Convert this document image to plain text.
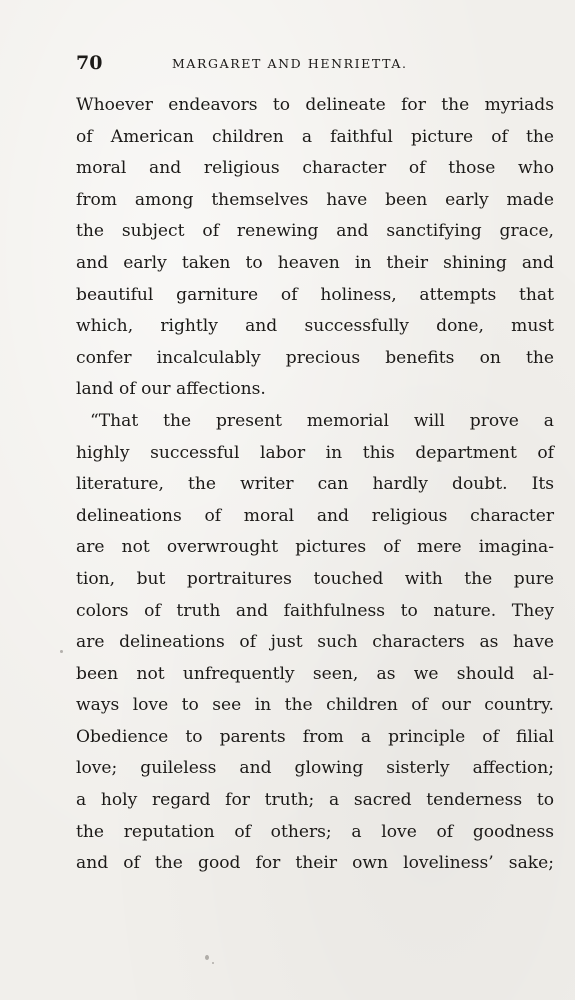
70	MARGARET AND HENRIETTA.
Whoever endeavors to delineate for the myriads
of American children a faithful picture of the
moral and religious character of those who
from among themselves have been early made
the subject of renewing and sanctifying grace,
and early taken to heaven in their shining and
beautiful garniture of holiness, attempts that
which, rightly and successfully done, must
confer incalculably precious benefits on the
land of our affections.
“That the present memorial will prove a
highly successful labor in this department of
literature, the writer can hardly doubt. Its
delineations of moral and religious character
are not overwrought pictures of mere imagina-
tion, but portraitures touched with the pure
colors of truth and faithfulness to nature. They
are delineations of just such characters as have
been not unfrequently seen, as we should al-
ways love to see in the children of our country.
Obedience to parents from a principle of filial
love; guileless and glowing sisterly affection;
a holy regard for truth; a sacred tenderness to
the reputation of others; a love of goodness
and of the good for their own loveliness’ sake;
